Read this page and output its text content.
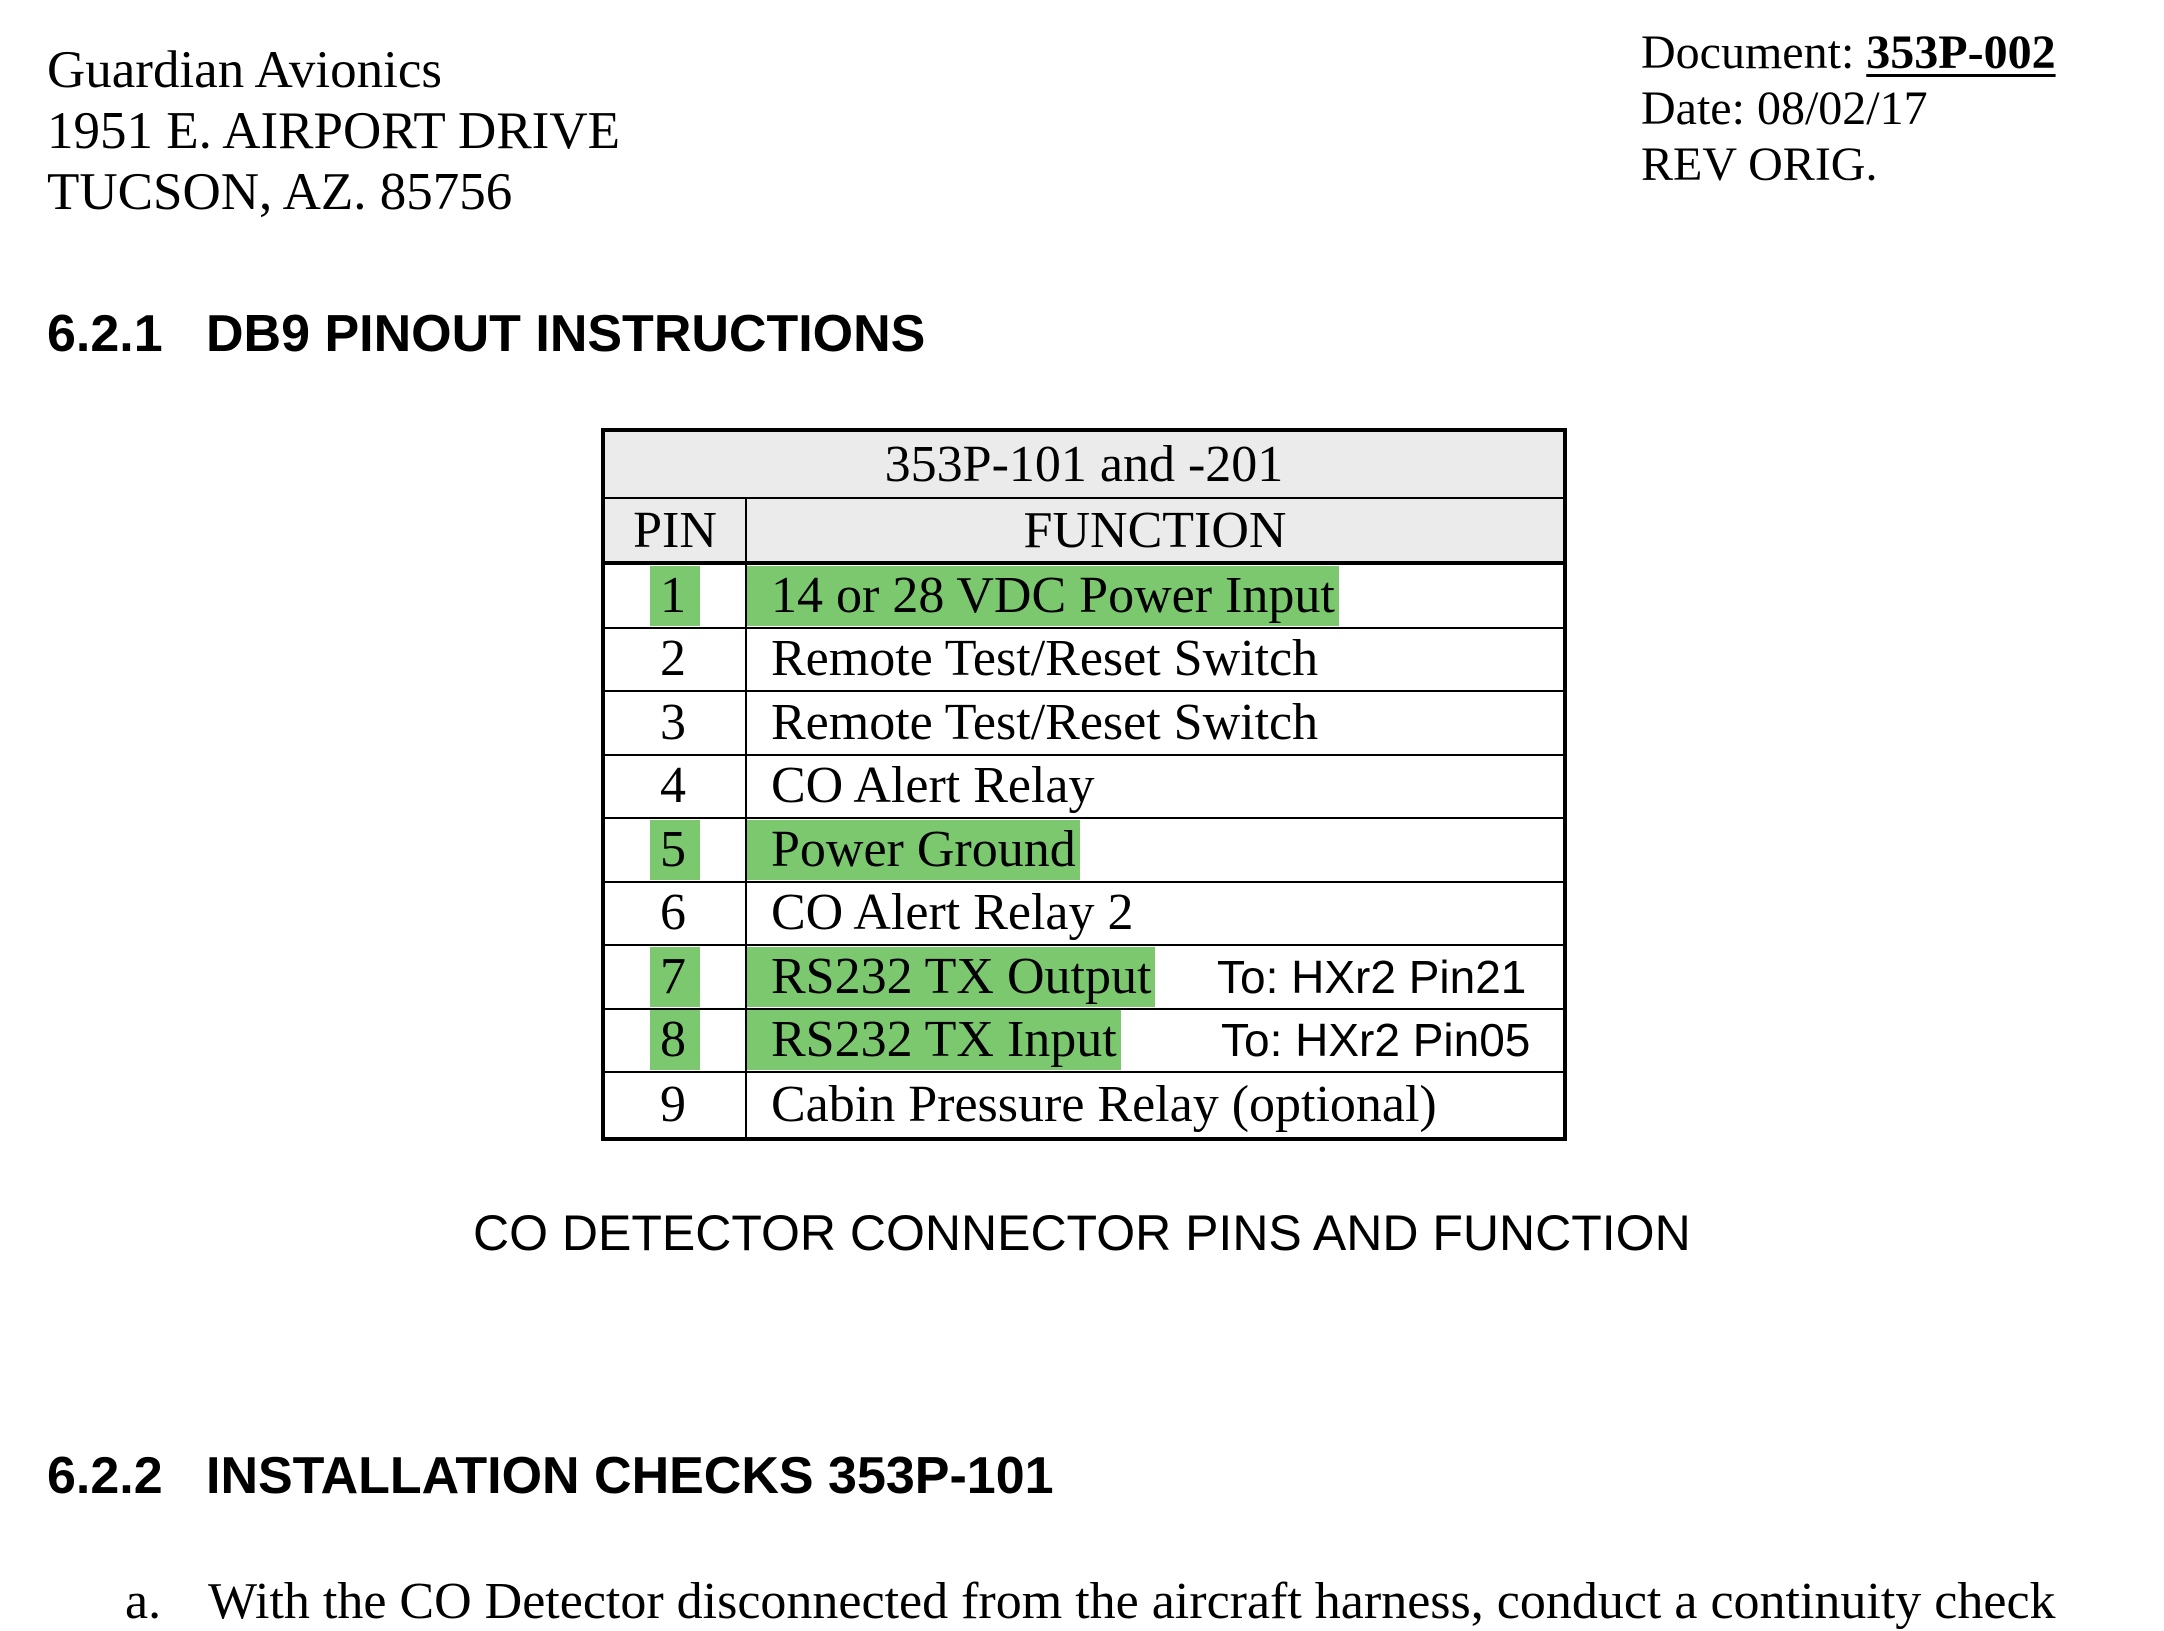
Guardian Avionics
1951 E. AIRPORT DRIVE
TUCSON, AZ. 85756
Document: 353P-002
Date: 08/02/17
REV ORIG.
6.2.1 DB9 PINOUT INSTRUCTIONS
353P-101 and -201
PIN	FUNCTION
1	14 or 28 VDC Power Input
2	Remote Test/Reset Switch
3	Remote Test/Reset Switch
4	CO Alert Relay
5	Power Ground
6	CO Alert Relay 2
7	RS232 TX Output To: HXr2 Pin21
8	RS232 TX Input To: HXr2 Pin05
9	Cabin Pressure Relay (optional)
CO DETECTOR CONNECTOR PINS AND FUNCTION
6.2.2 INSTALLATION CHECKS 353P-101
a. With the CO Detector disconnected from the aircraft harness, conduct a continuity check
